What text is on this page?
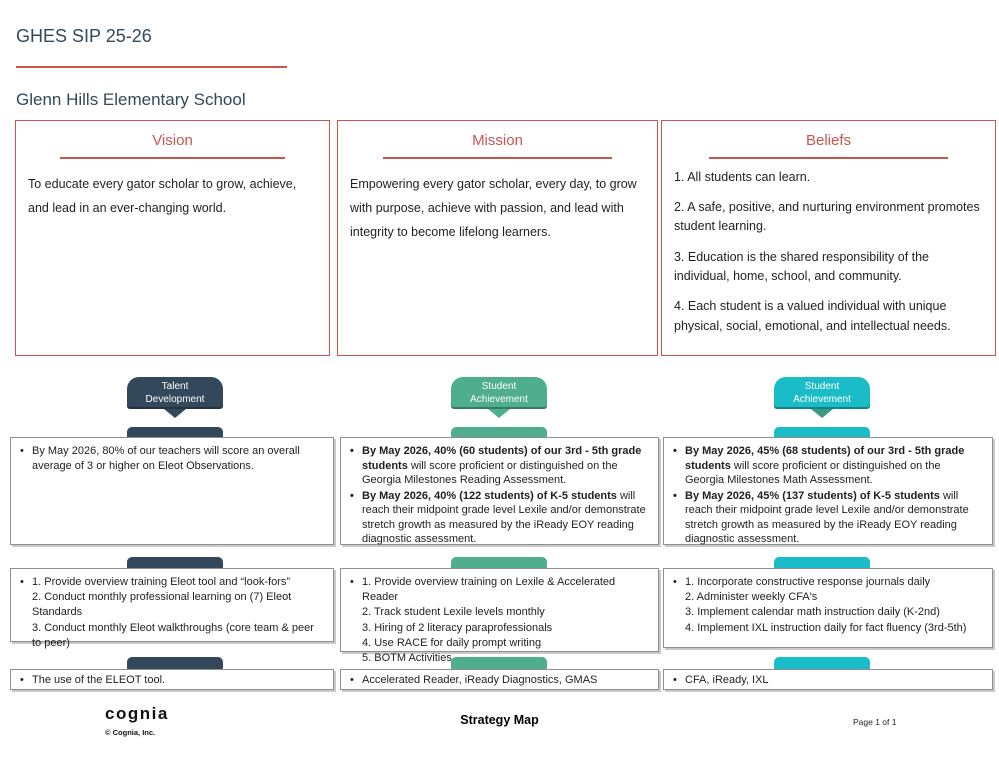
GHES SIP 25-26
Glenn Hills Elementary School
Vision
To educate every gator scholar to grow, achieve, and lead in an ever-changing world.
Mission
Empowering every gator scholar, every day, to grow with purpose, achieve with passion, and lead with integrity to become lifelong learners.
Beliefs

1. All students can learn.

2. A safe, positive, and nurturing environment promotes student learning.

3. Education is the shared responsibility of the individual, home, school, and community.

4. Each student is a valued individual with unique physical, social, emotional, and intellectual needs.

Talent
Development
Student
Achievement
Student
Achievement
• By May 2026, 80% of our teachers will score an overall average of 3 or higher on Eleot Observations.
• By May 2026, 40% (60 students) of our 3rd - 5th grade students will score proficient or distinguished on the Georgia Milestones Reading Assessment.
• By May 2026, 40% (122 students) of K-5 students will reach their midpoint grade level Lexile and/or demonstrate stretch growth as measured by the iReady EOY reading diagnostic assessment.
• By May 2026, 45% (68 students) of our 3rd - 5th grade students will score proficient or distinguished on the Georgia Milestones Math Assessment.
• By May 2026, 45% (137 students) of K-5 students will reach their midpoint grade level Lexile and/or demonstrate stretch growth as measured by the iReady EOY reading diagnostic assessment.
• 1. Provide overview training Eleot tool and “look-fors”
2. Conduct monthly professional learning on (7) Eleot Standards
3. Conduct monthly Eleot walkthroughs (core team & peer to peer)
• 1. Provide overview training on Lexile & Accelerated Reader
2. Track student Lexile levels monthly
3. Hiring of 2 literacy paraprofessionals
4. Use RACE for daily prompt writing
5. BOTM Activities
• 1. Incorporate constructive response journals daily
2. Administer weekly CFA's
3. Implement calendar math instruction daily (K-2nd)
4. Implement IXL instruction daily for fact fluency (3rd-5th)
• The use of the ELEOT tool.	• Accelerated Reader, iReady Diagnostics, GMAS	• CFA, iReady, IXL
cognia
© Cognia, Inc.
Strategy Map	Page 1 of 1
